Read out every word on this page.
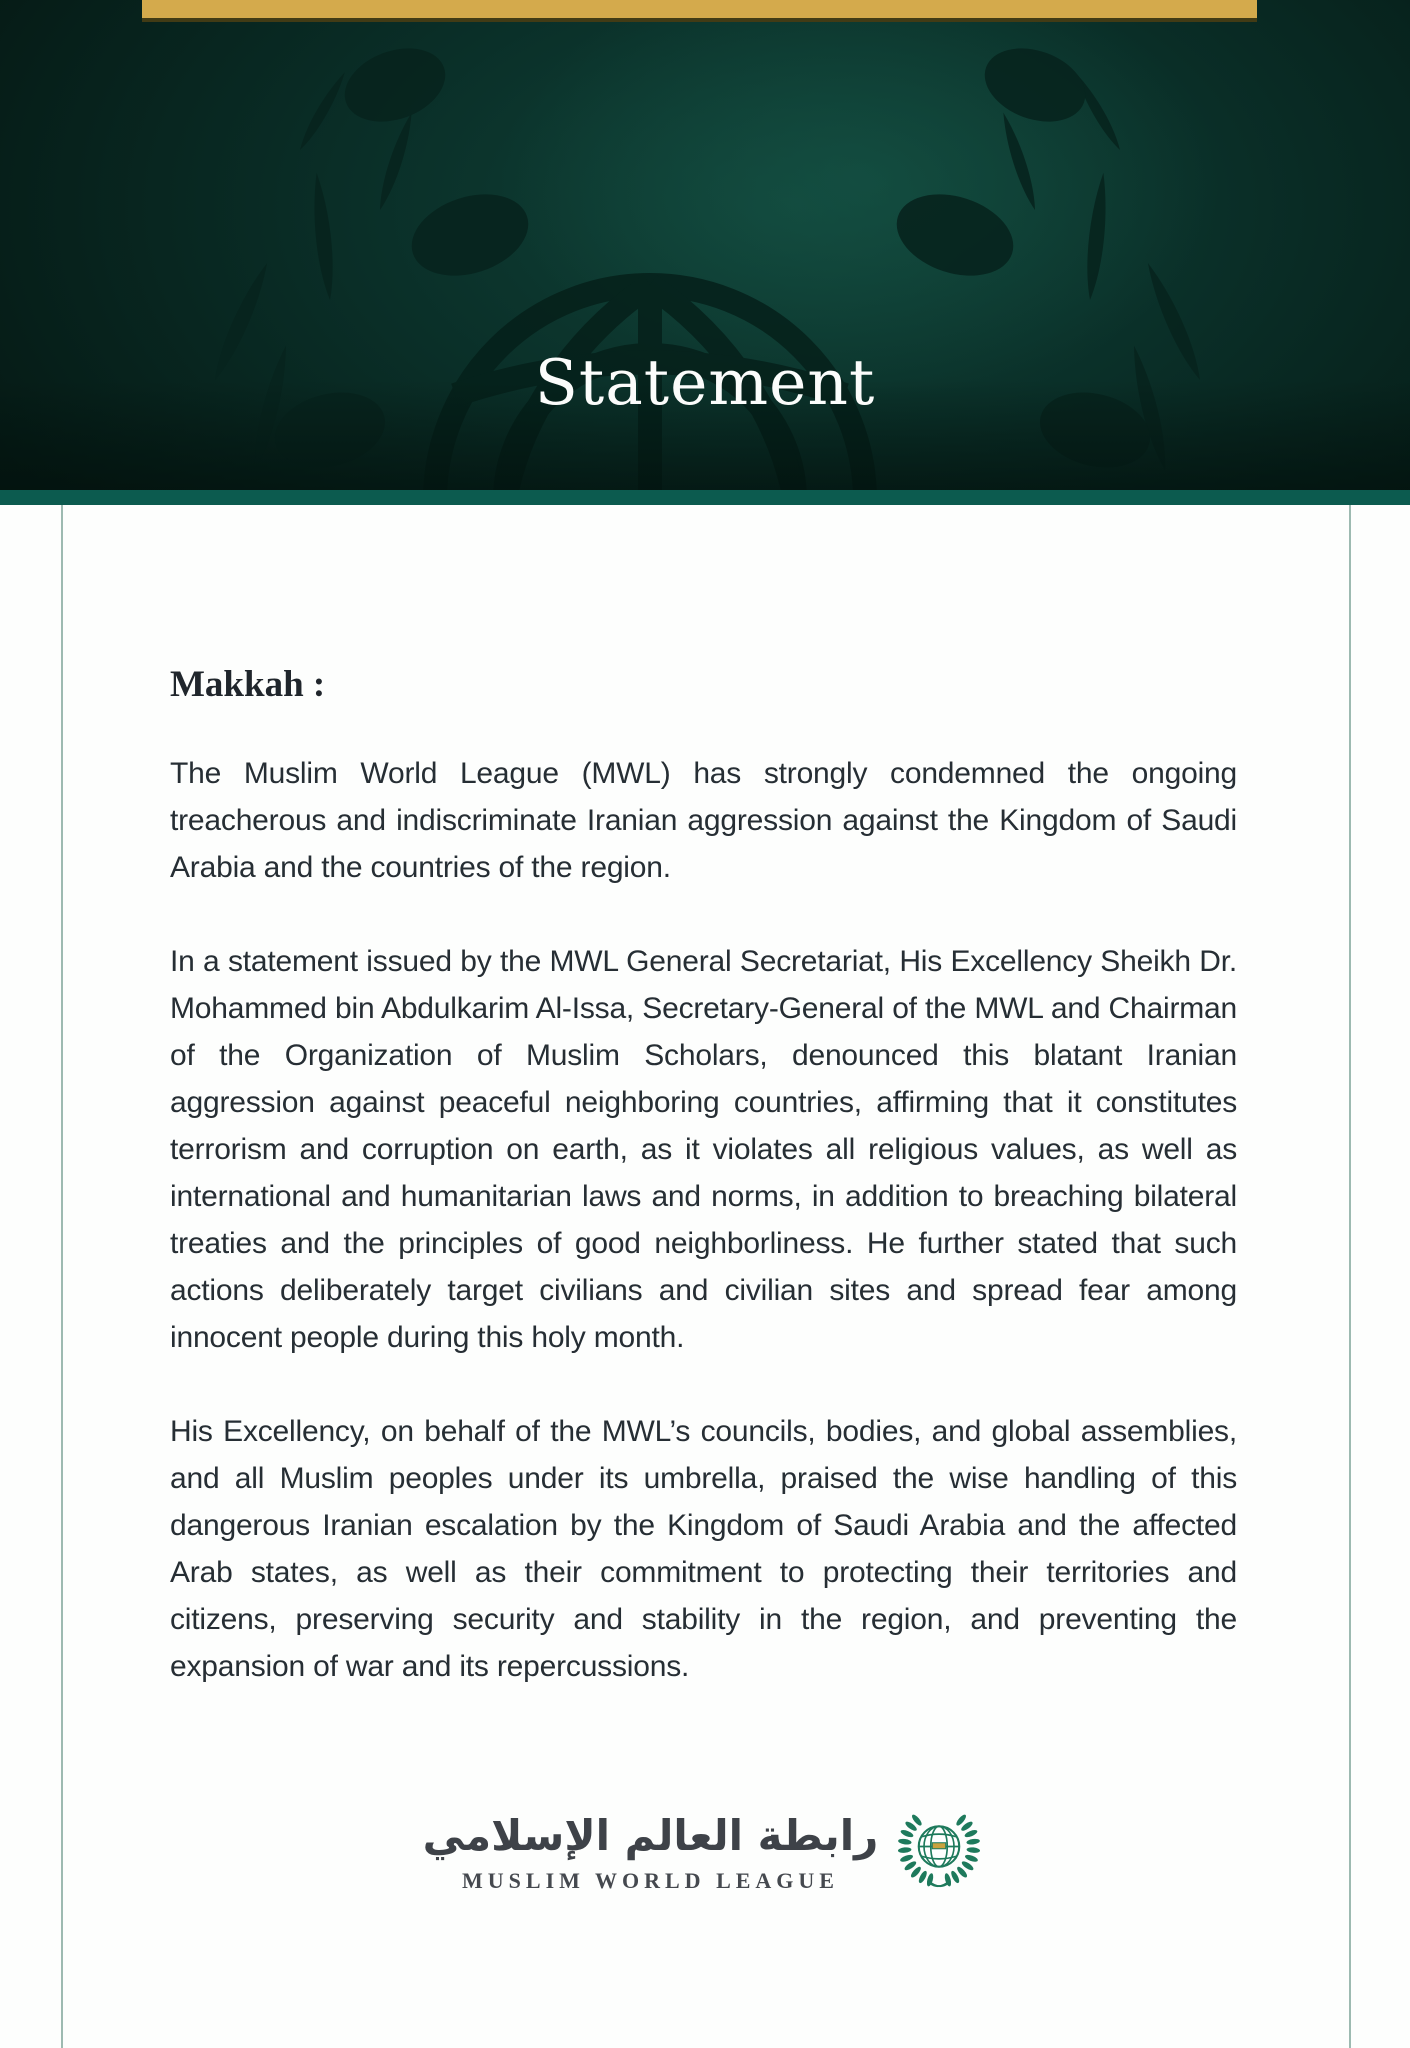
Statement
Makkah :

The Muslim World League (MWL) has strongly condemned the ongoing treacherous and indiscriminate Iranian aggression against the Kingdom of Saudi Arabia and the countries of the region.

In a statement issued by the MWL General Secretariat, His Excellency Sheikh Dr. Mohammed bin Abdulkarim Al-Issa, Secretary-General of the MWL and Chairman of the Organization of Muslim Scholars, denounced this blatant Iranian aggression against peaceful neighboring countries, affirming that it constitutes terrorism and corruption on earth, as it violates all religious values, as well as international and humanitarian laws and norms, in addition to breaching bilateral treaties and the principles of good neighborliness. He further stated that such actions deliberately target civilians and civilian sites and spread fear among innocent people during this holy month.

His Excellency, on behalf of the MWL’s councils, bodies, and global assemblies, and all Muslim peoples under its umbrella, praised the wise handling of this dangerous Iranian escalation by the Kingdom of Saudi Arabia and the affected Arab states, as well as their commitment to protecting their territories and citizens, preserving security and stability in the region, and preventing the expansion of war and its repercussions.

رابطة العالم الإسلامي
MUSLIM WORLD LEAGUE
